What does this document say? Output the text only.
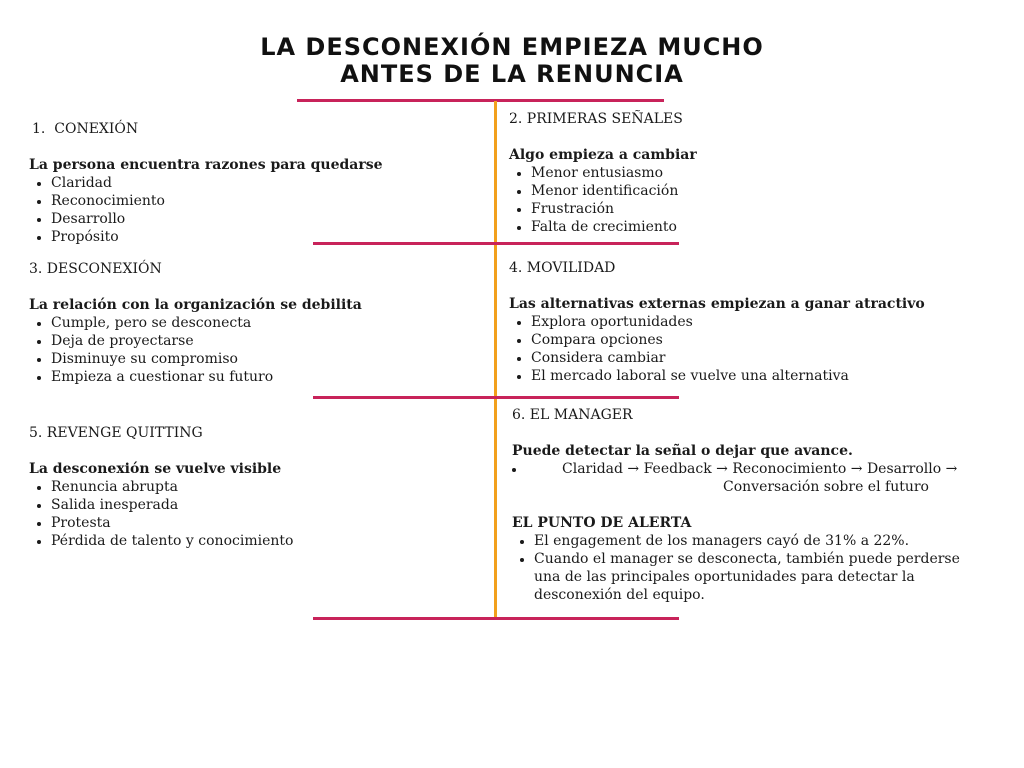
LA DESCONEXIÓN EMPIEZA MUCHO
ANTES DE LA RENUNCIA
1.  CONEXIÓN
La persona encuentra razones para quedarse
• Claridad
• Reconocimiento
• Desarrollo
• Propósito
2. PRIMERAS SEÑALES
Algo empieza a cambiar
• Menor entusiasmo
• Menor identificación
• Frustración
• Falta de crecimiento
3. DESCONEXIÓN
La relación con la organización se debilita
• Cumple, pero se desconecta
• Deja de proyectarse
• Disminuye su compromiso
• Empieza a cuestionar su futuro
4. MOVILIDAD
Las alternativas externas empiezan a ganar atractivo
• Explora oportunidades
• Compara opciones
• Considera cambiar
• El mercado laboral se vuelve una alternativa
5. REVENGE QUITTING
La desconexión se vuelve visible
• Renuncia abrupta
• Salida inesperada
• Protesta
• Pérdida de talento y conocimiento
6. EL MANAGER
Puede detectar la señal o dejar que avance.
• Claridad → Feedback → Reconocimiento → Desarrollo →
Conversación sobre el futuro
EL PUNTO DE ALERTA
• El engagement de los managers cayó de 31% a 22%.
• Cuando el manager se desconecta, también puede perderse una de las principales oportunidades para detectar la desconexión del equipo.
